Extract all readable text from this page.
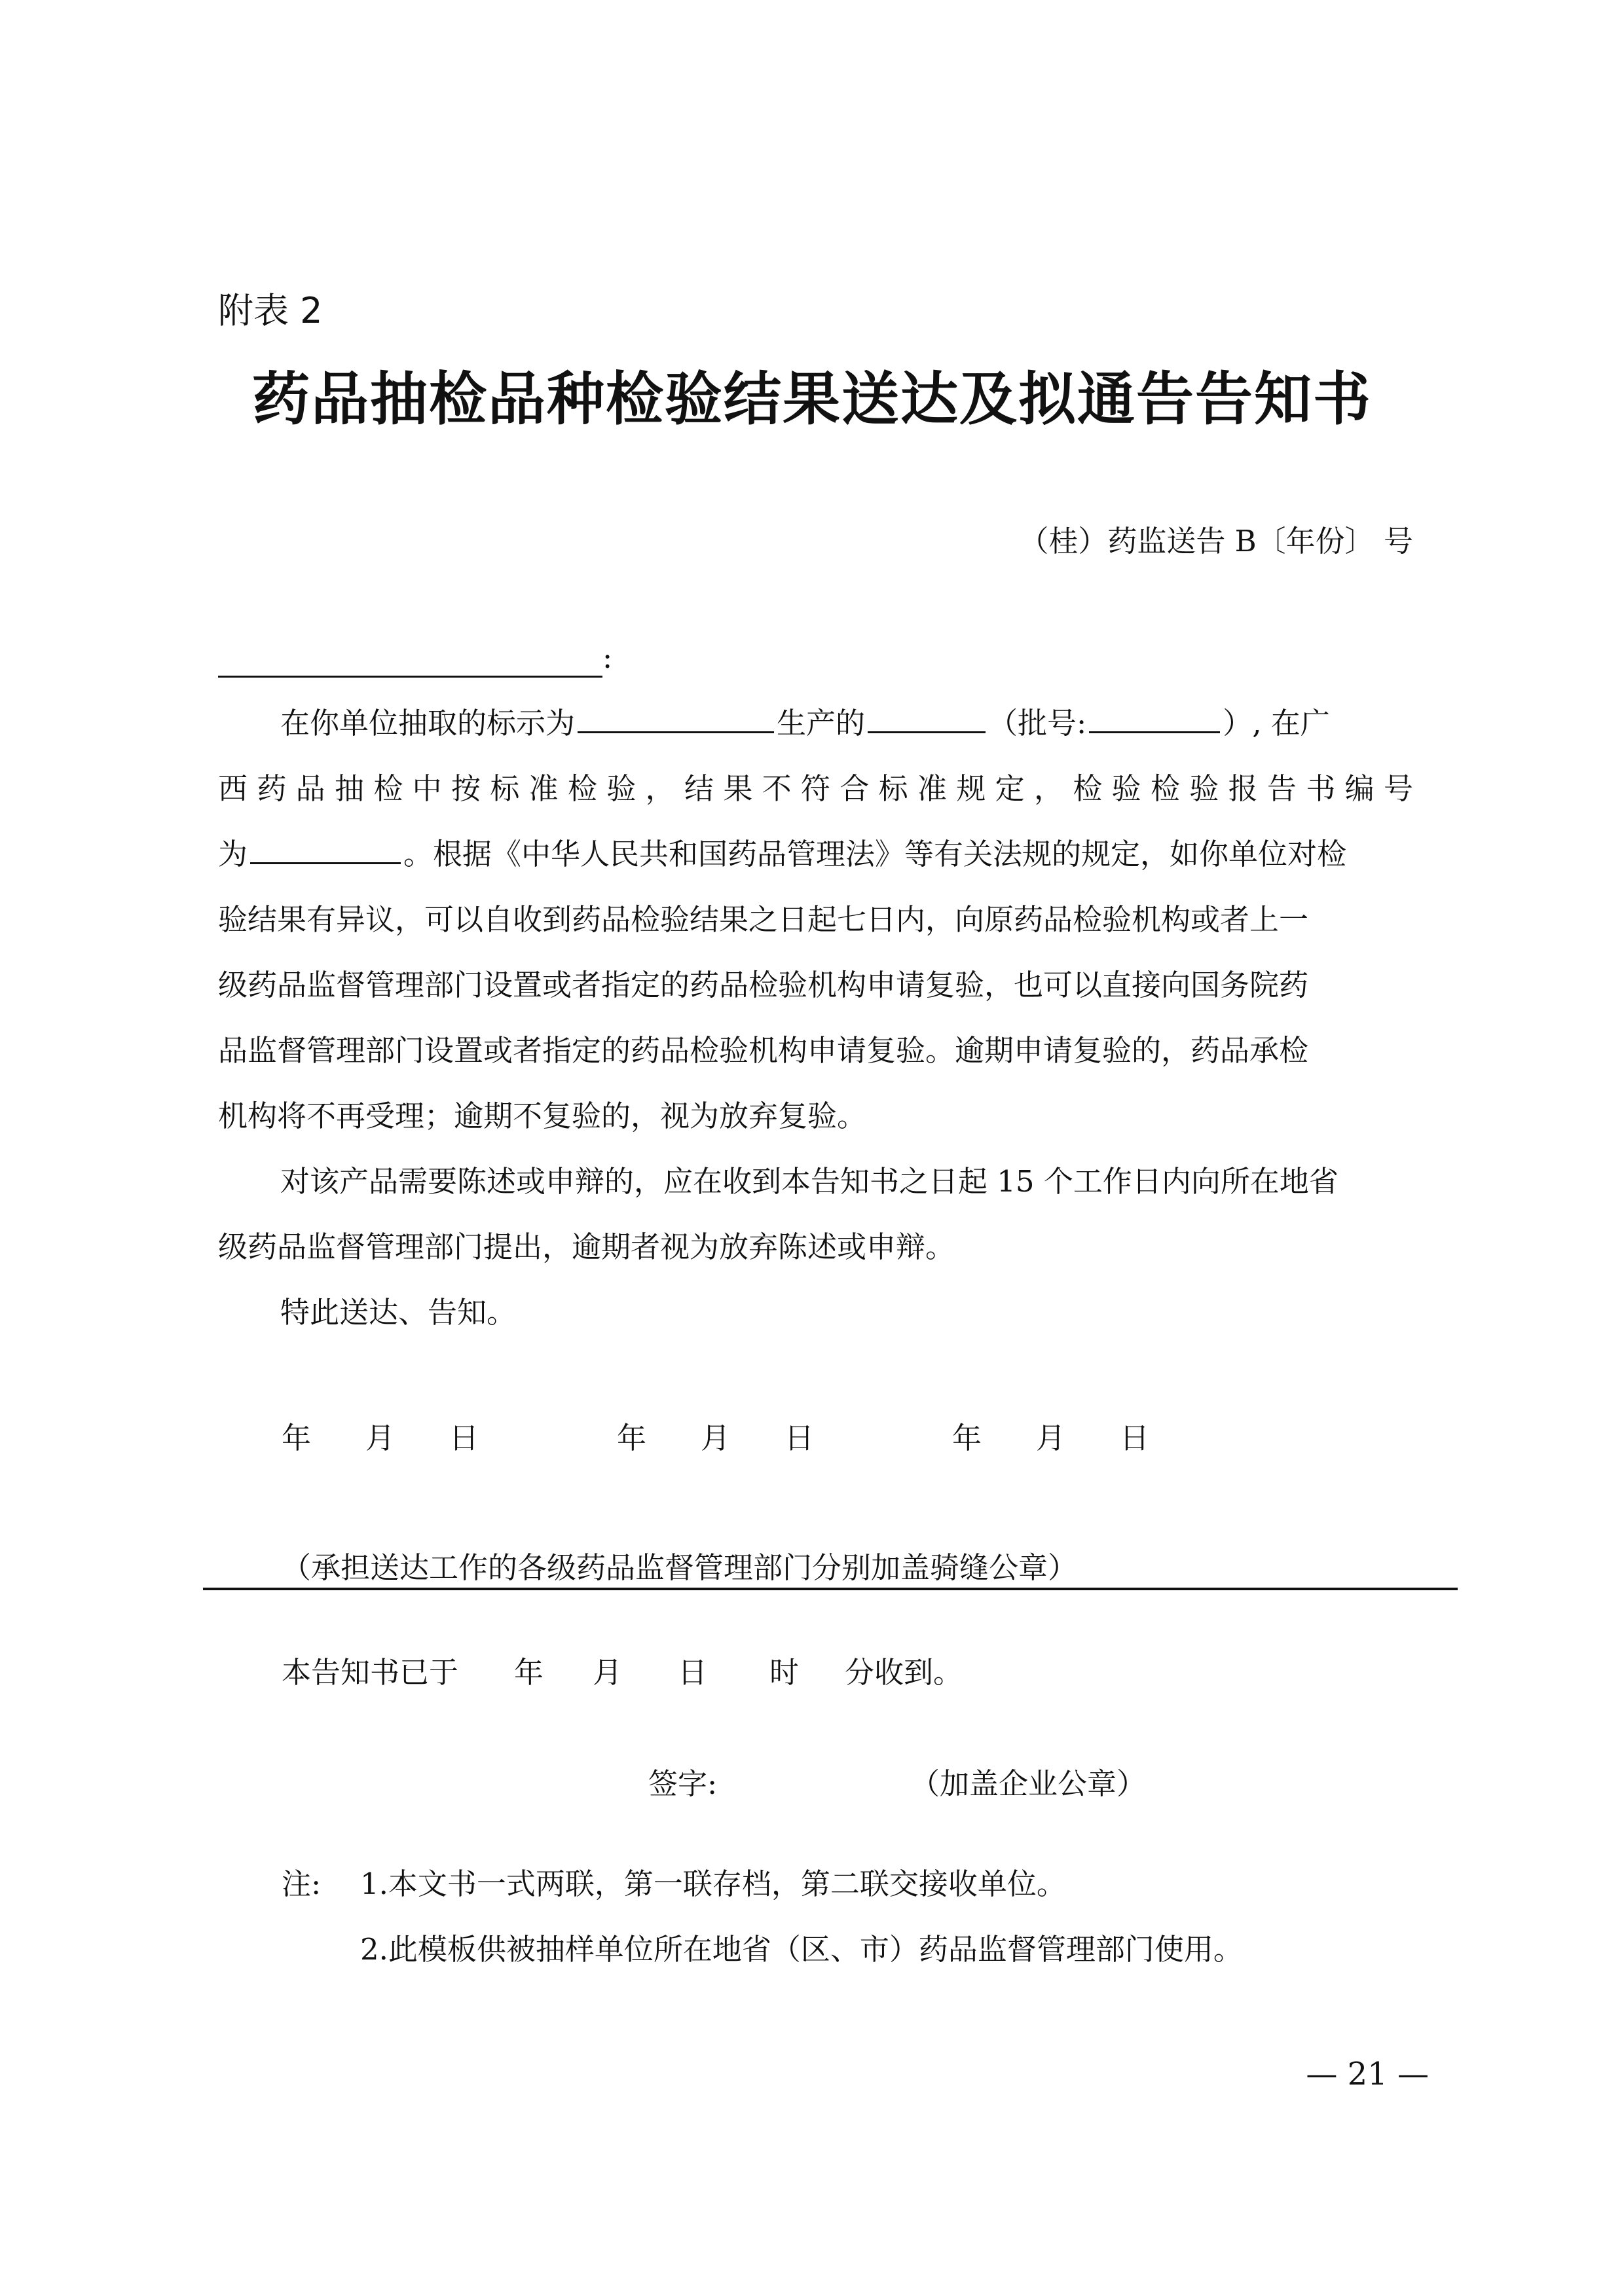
附表 2
药品抽检品种检验结果送达及拟通告告知书
（桂）药监送告 B〔年份〕 号
:
在你单位抽取的标示为	生产的	（批号:	）, 在广
西药品抽检中按标准检验，结果不符合标准规定，检验检验报告书编号
为	。根据《中华人民共和国药品管理法》等有关法规的规定，如你单位对检
验结果有异议，可以自收到药品检验结果之日起七日内，向原药品检验机构或者上一
级药品监督管理部门设置或者指定的药品检验机构申请复验，也可以直接向国务院药
品监督管理部门设置或者指定的药品检验机构申请复验。逾期申请复验的，药品承检
机构将不再受理；逾期不复验的，视为放弃复验。
对该产品需要陈述或申辩的，应在收到本告知书之日起 15 个工作日内向所在地省
级药品监督管理部门提出，逾期者视为放弃陈述或申辩。
特此送达、告知。
年 月 日	年 月 日	年 月 日
（承担送达工作的各级药品监督管理部门分别加盖骑缝公章）
本告知书已于 年 月 日 时 分收到。
签字:	（加盖企业公章）
注: 1.本文书一式两联，第一联存档，第二联交接收单位。
2.此模板供被抽样单位所在地省（区、市）药品监督管理部门使用。
— 21 —
